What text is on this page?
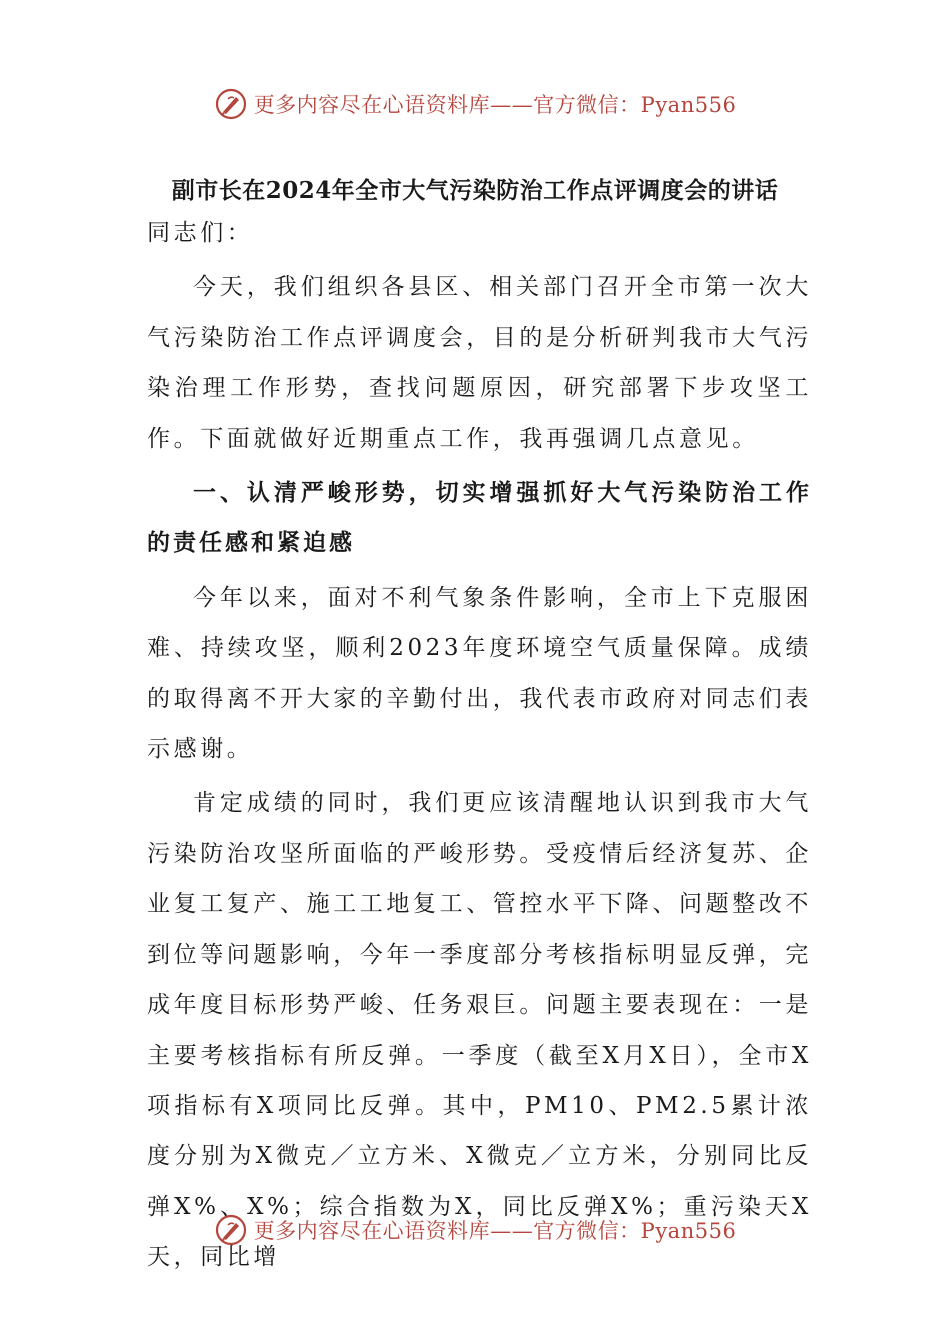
更多内容尽在心语资料库——官方微信：Pyan556
副市长在2024年全市大气污染防治工作点评调度会的讲话

同志们：

今天，我们组织各县区、相关部门召开全市第一次大气污染防治工作点评调度会，目的是分析研判我市大气污染治理工作形势，查找问题原因，研究部署下步攻坚工作。下面就做好近期重点工作，我再强调几点意见。

一、认清严峻形势，切实增强抓好大气污染防治工作的责任感和紧迫感

今年以来，面对不利气象条件影响，全市上下克服困难、持续攻坚，顺利2023年度环境空气质量保障。成绩的取得离不开大家的辛勤付出，我代表市政府对同志们表示感谢。

肯定成绩的同时，我们更应该清醒地认识到我市大气污染防治攻坚所面临的严峻形势。受疫情后经济复苏、企业复工复产、施工工地复工、管控水平下降、问题整改不到位等问题影响，今年一季度部分考核指标明显反弹，完成年度目标形势严峻、任务艰巨。问题主要表现在：一是主要考核指标有所反弹。一季度（截至X月X日），全市X项指标有X项同比反弹。其中，PM10、PM2.5累计浓度分别为X微克／立方米、X微克／立方米，分别同比反弹X%、X%；综合指数为X，同比反弹X%；重污染天X天，同比增

更多内容尽在心语资料库——官方微信：Pyan556
